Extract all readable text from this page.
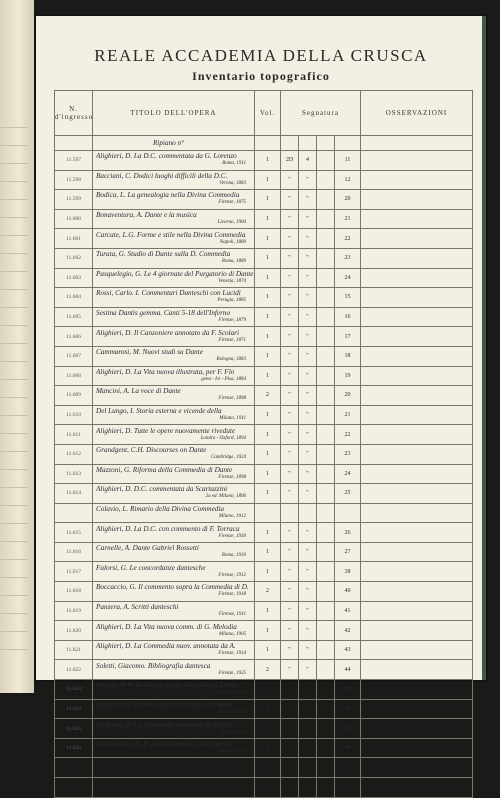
REALE ACCADEMIA DELLA CRUSCA
Inventario topografico
N. d'ingresso	TITOLO DELL'OPERA	Vol.	Segnatura				OSSERVAZIONI
	Ripiano n°						
11.597	Alighieri, D. La D.C. commentata da G. Lorenzo
Roma, 1911	1	2D	4		11	
11.598	Bacciani, C. Dodici luoghi difficili della D.C.
Verona, 1883	1	"	"		12	
11.599	Bodica, L. La genealogia nella Divina Commedia
Firenze, 1875	1	"	"		20	
11.600	Bonaventura, A. Dante e la musica
Livorno, 1904	1	"	"		21	
11.601	Carcate, L.G. Forme e stile nella Divina Commedia
Napoli, 1880	1	"	"		22	
11.602	Turata, G. Studio di Dante sulla D. Commedia
Roma, 1889	1	"	"		23	
11.603	Pasquelegio, G. Le 4 giornate del Purgatorio di Dante
Venezia, 1874	1	"	"		24	
11.604	Rossi, Carlo. I. Commentari Danteschi con Lucidi
Perugia, 1885	1	"	"		15	
11.605	Sestina Dantis gemma. Canti 5-18 dell'Inferno
Firenze, 1879	1	"	"		16	
11.606	Alighieri, D. Il Canzoniere annotato da F. Scolari
Firenze, 1871	1	"	"		17	
11.607	Cammarosi, M. Nuovi studi su Dante
Bologna, 1883	1	"	"		18	
11.608	Alighieri, D. La Vita nuova illustrata, per F. Flo
gena - Ivi - Pisa, 1884	1	"	"		19	
11.609	Mancini, A. La voce di Dante
Firenze, 1898	2	"	"		20	
11.610	Del Lungo, I. Storia esterna e vicende della
Milano, 1911	1	"	"		21	
11.611	Alighieri, D. Tutte le opere nuovamente rivedute
Londra - Oxford, 1894	1	"	"		22	
11.612	Grandgent, C.H. Discourses on Dante
Cambridge, 1924	1	"	"		23	
11.613	Mazzoni, G. Riforma della Commedia di Dante
Firenze, 1898	1	"	"		24	
11.614	Alighieri, D. D.C. commentata da Scartazzini
2a ed. Milano, 1896	1	"	"		25	
	Colavio, L. Rimario della Divina Commedia
Milano, 1912						

11.615	Alighieri, D. La D.C. con commento di F. Torraca
Firenze, 1930	1	"	"		26	
11.616	Carnelle, A. Dante Gabriel Rossetti
Roma, 1910	1	"	"		27	
11.617	Falorsi, G. Le concordanze dantesche
Firenze, 1912	1	"	"		38	
11.618	Boccaccio, G. Il commento sopra la Commedia di D.
Firenze, 1918	2	"	"		40	
11.619	Panzera, A. Scritti danteschi
Firenze, 1911	1	"	"		41	
11.620	Alighieri, D. La Vita nuova comm. di G. Melodia
Milano, 1905	1	"	"		42	
11.621	Alighieri, D. La Commedia nuov. annotata da A.
Firenze, 1914	1	"	"		43	
11.622	Soletti, Giacomo. Bibliografia dantesca
Firenze, 1925	2	"	"		44	
11.623	Vernon, W.W. Readings on the Paradiso of Dante
London, 1909	2	"	"		45	
11.624	Mazzoni, G. Riforma della Commedia di Dante
Firenze, 1925	1	"	"		46	
11.625	Alighieri, D. La Commedia annotata da Meglia
Firenze, 1920	1	"	"		47	
11.626	Berlanghino, L. Il quesito dantesco della verità
Firenze, 1910	1	"	"		48	
